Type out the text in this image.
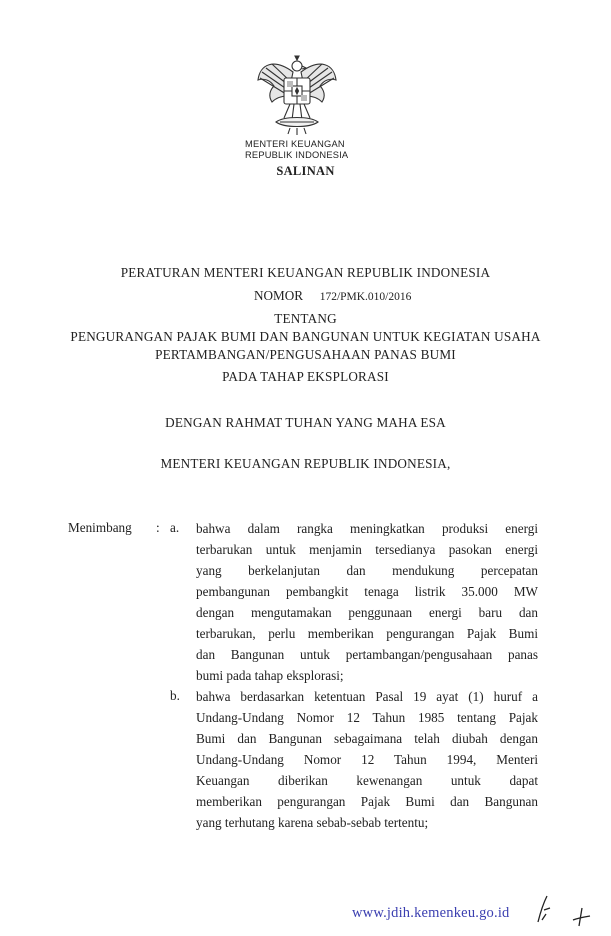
MENTERI KEUANGAN
REPUBLIK INDONESIA
SALINAN
PERATURAN MENTERI KEUANGAN REPUBLIK INDONESIA
NOMOR 172/PMK.010/2016
TENTANG
PENGURANGAN PAJAK BUMI DAN BANGUNAN UNTUK KEGIATAN USAHA
PERTAMBANGAN/PENGUSAHAAN PANAS BUMI
PADA TAHAP EKSPLORASI
DENGAN RAHMAT TUHAN YANG MAHA ESA
MENTERI KEUANGAN REPUBLIK INDONESIA,
Menimbang : a.
b.
bahwa dalam rangka meningkatkan produksi energi
terbarukan untuk menjamin tersedianya pasokan energi
yang berkelanjutan dan mendukung percepatan
pembangunan pembangkit tenaga listrik 35.000 MW
dengan mengutamakan penggunaan energi baru dan
terbarukan, perlu memberikan pengurangan Pajak Bumi
dan Bangunan untuk pertambangan/pengusahaan panas
bumi pada tahap eksplorasi;
bahwa berdasarkan ketentuan Pasal 19 ayat (1) huruf a
Undang-Undang Nomor 12 Tahun 1985 tentang Pajak
Bumi dan Bangunan sebagaimana telah diubah dengan
Undang-Undang Nomor 12 Tahun 1994, Menteri
Keuangan diberikan kewenangan untuk dapat
memberikan pengurangan Pajak Bumi dan Bangunan
yang terhutang karena sebab-sebab tertentu;
www.jdih.kemenkeu.go.id
